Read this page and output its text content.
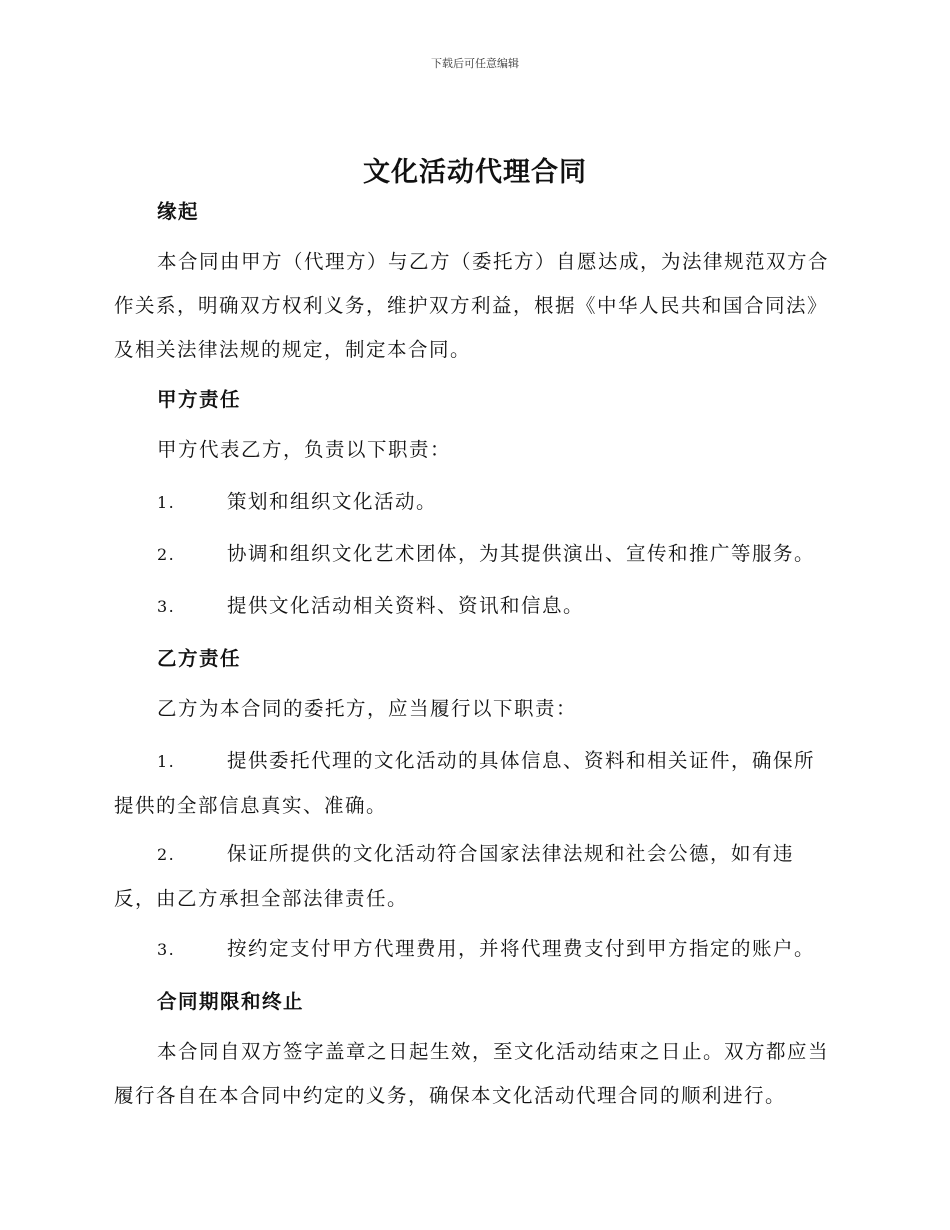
下载后可任意编辑
文化活动代理合同
缘起

本合同由甲方（代理方）与乙方（委托方）自愿达成，为法律规范双方合作关系，明确双方权利义务，维护双方利益，根据《中华人民共和国合同法》及相关法律法规的规定，制定本合同。

甲方责任

甲方代表乙方，负责以下职责：

1.	策划和组织文化活动。
2.	协调和组织文化艺术团体，为其提供演出、宣传和推广等服务。
3.	提供文化活动相关资料、资讯和信息。
乙方责任

乙方为本合同的委托方，应当履行以下职责：

1.	提供委托代理的文化活动的具体信息、资料和相关证件，确保所提供的全部信息真实、准确。
2.	保证所提供的文化活动符合国家法律法规和社会公德，如有违反，由乙方承担全部法律责任。
3.	按约定支付甲方代理费用，并将代理费支付到甲方指定的账户。
合同期限和终止

本合同自双方签字盖章之日起生效，至文化活动结束之日止。双方都应当履行各自在本合同中约定的义务，确保本文化活动代理合同的顺利进行。
